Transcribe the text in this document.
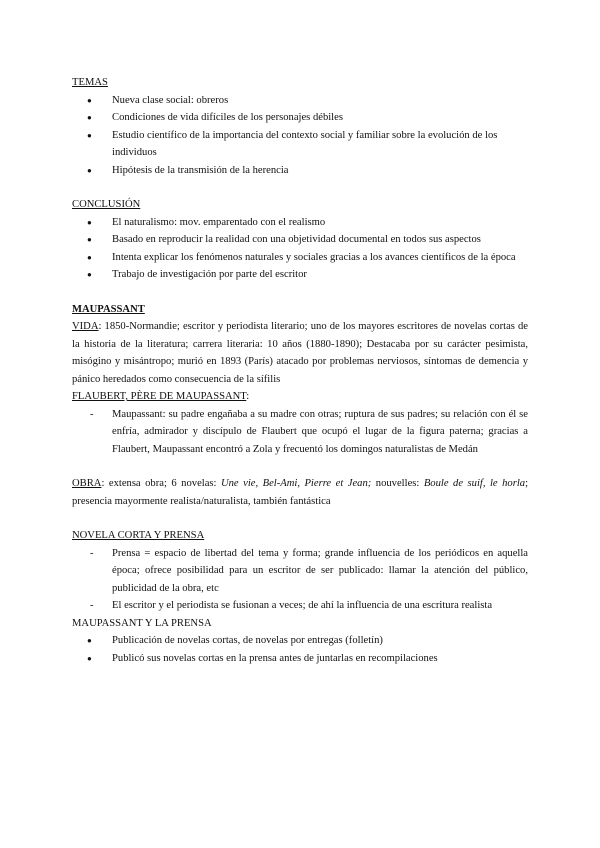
TEMAS
● Nueva clase social: obreros
● Condiciones de vida difíciles de los personajes débiles
● Estudio científico de la importancia del contexto social y familiar sobre la evolución de los individuos
● Hipótesis de la transmisión de la herencia
CONCLUSIÓN
● El naturalismo: mov. emparentado con el realismo
● Basado en reproducir la realidad con una objetividad documental en todos sus aspectos
● Intenta explicar los fenómenos naturales y sociales gracias a los avances científicos de la época
● Trabajo de investigación por parte del escritor
MAUPASSANT
VIDA: 1850-Normandie; escritor y periodista literario; uno de los mayores escritores de novelas cortas de la historia de la literatura; carrera literaria: 10 años (1880-1890); Destacaba por su carácter pesimista, misógino y misántropo; murió en 1893 (París) atacado por problemas nerviosos, síntomas de demencia y pánico heredados como consecuencia de la sífilis
FLAUBERT, PÈRE DE MAUPASSANT:
- Maupassant: su padre engañaba a su madre con otras; ruptura de sus padres; su relación con él se enfría, admirador y discípulo de Flaubert que ocupó el lugar de la figura paterna; gracias a Flaubert, Maupassant encontró a Zola y frecuentó los domingos naturalistas de Medán
OBRA: extensa obra; 6 novelas: Une vie, Bel-Ami, Pierre et Jean; nouvelles: Boule de suif, le horla; presencia mayormente realista/naturalista, también fantástica
NOVELA CORTA Y PRENSA
- Prensa = espacio de libertad del tema y forma; grande influencia de los periódicos en aquella época; ofrece posibilidad para un escritor de ser publicado: llamar la atención del público, publicidad de la obra, etc
- El escritor y el periodista se fusionan a veces; de ahí la influencia de una escritura realista
MAUPASSANT Y LA PRENSA
● Publicación de novelas cortas, de novelas por entregas (folletín)
● Publicó sus novelas cortas en la prensa antes de juntarlas en recompilaciones
